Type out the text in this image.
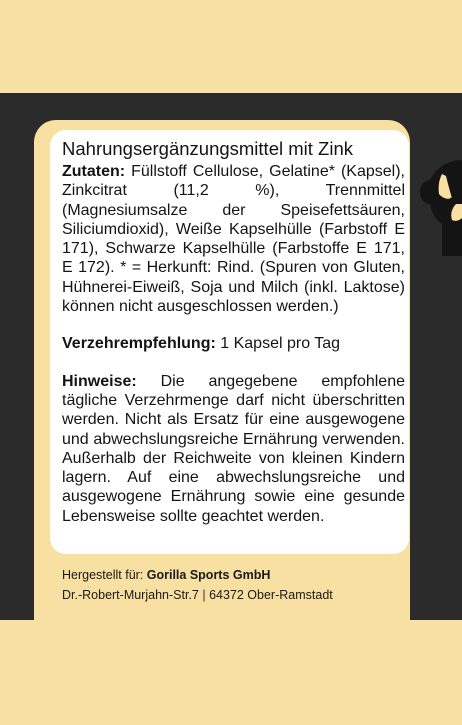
Nahrungsergänzungsmittel mit Zink

Zutaten: Füllstoff Cellulose, Gelatine* (Kapsel), Zinkcitrat (11,2 %), Trennmittel (Magnesiumsalze der Speisefettsäuren, Siliciumdioxid), Weiße Kapselhülle (Farbstoff E 171), Schwarze Kapselhülle (Farbstoffe E 171, E 172). * = Herkunft: Rind. (Spuren von Gluten, Hühnerei-Eiweiß, Soja und Milch (inkl. Laktose) können nicht ausgeschlossen werden.)

Verzehrempfehlung: 1 Kapsel pro Tag

Hinweise: Die angegebene empfohlene tägliche Verzehrmenge darf nicht überschritten werden. Nicht als Ersatz für eine ausgewogene und abwechslungsreiche Ernährung verwenden. Außerhalb der Reichweite von kleinen Kindern lagern. Auf eine abwechslungsreiche und ausgewogene Ernährung sowie eine gesunde Lebensweise sollte geachtet werden.

Hergestellt für: Gorilla Sports GmbH
Dr.-Robert-Murjahn-Str.7 | 64372 Ober-Ramstadt
